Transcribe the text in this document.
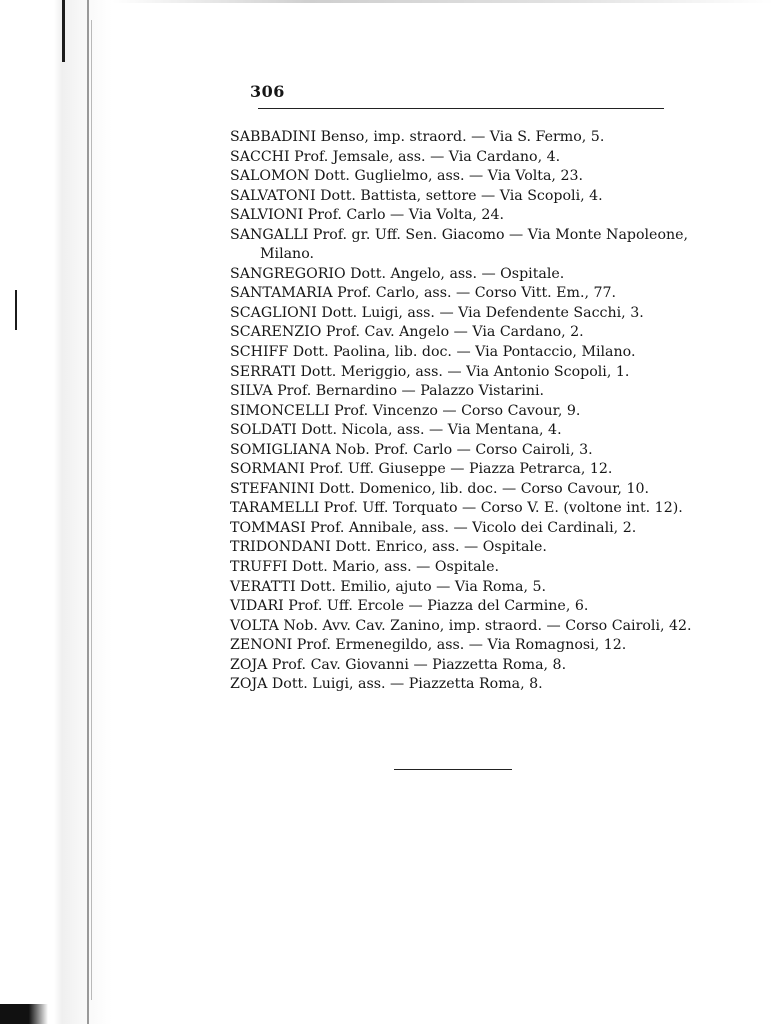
306
SABBADINI Benso, imp. straord. — Via S. Fermo, 5.
SACCHI Prof. Jemsale, ass. — Via Cardano, 4.
SALOMON Dott. Guglielmo, ass. — Via Volta, 23.
SALVATONI Dott. Battista, settore — Via Scopoli, 4.
SALVIONI Prof. Carlo — Via Volta, 24.
SANGALLI Prof. gr. Uff. Sen. Giacomo — Via Monte Napoleone, Milano.
SANGREGORIO Dott. Angelo, ass. — Ospitale.
SANTAMARIA Prof. Carlo, ass. — Corso Vitt. Em., 77.
SCAGLIONI Dott. Luigi, ass. — Via Defendente Sacchi, 3.
SCARENZIO Prof. Cav. Angelo — Via Cardano, 2.
SCHIFF Dott. Paolina, lib. doc. — Via Pontaccio, Milano.
SERRATI Dott. Meriggio, ass. — Via Antonio Scopoli, 1.
SILVA Prof. Bernardino — Palazzo Vistarini.
SIMONCELLI Prof. Vincenzo — Corso Cavour, 9.
SOLDATI Dott. Nicola, ass. — Via Mentana, 4.
SOMIGLIANA Nob. Prof. Carlo — Corso Cairoli, 3.
SORMANI Prof. Uff. Giuseppe — Piazza Petrarca, 12.
STEFANINI Dott. Domenico, lib. doc. — Corso Cavour, 10.
TARAMELLI Prof. Uff. Torquato — Corso V. E. (voltone int. 12).
TOMMASI Prof. Annibale, ass. — Vicolo dei Cardinali, 2.
TRIDONDANI Dott. Enrico, ass. — Ospitale.
TRUFFI Dott. Mario, ass. — Ospitale.
VERATTI Dott. Emilio, ajuto — Via Roma, 5.
VIDARI Prof. Uff. Ercole — Piazza del Carmine, 6.
VOLTA Nob. Avv. Cav. Zanino, imp. straord. — Corso Cairoli, 42.
ZENONI Prof. Ermenegildo, ass. — Via Romagnosi, 12.
ZOJA Prof. Cav. Giovanni — Piazzetta Roma, 8.
ZOJA Dott. Luigi, ass. — Piazzetta Roma, 8.
